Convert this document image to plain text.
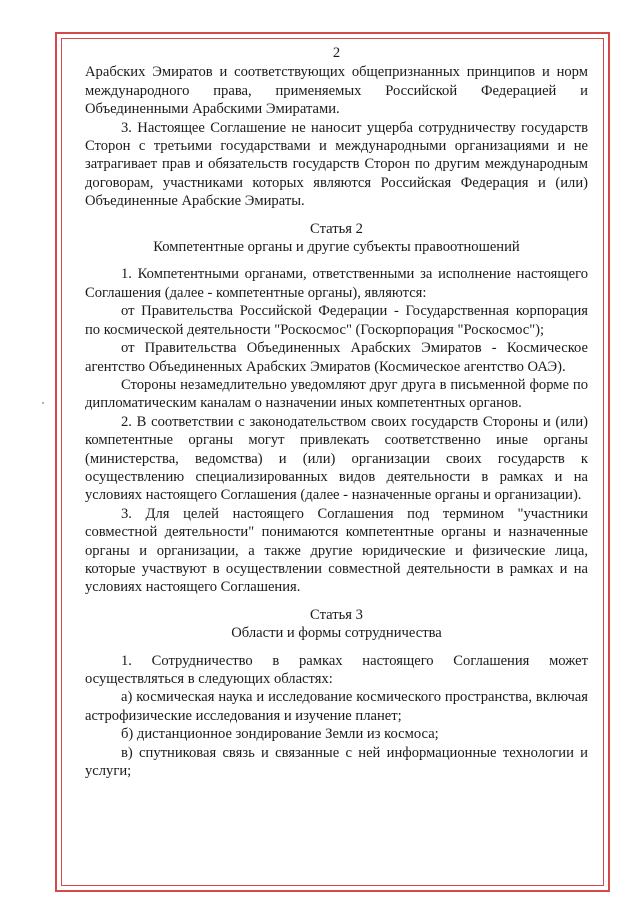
2

Арабских Эмиратов и соответствующих общепризнанных принципов и норм международного права, применяемых Российской Федерацией и Объединенными Арабскими Эмиратами.

3. Настоящее Соглашение не наносит ущерба сотрудничеству государств Сторон с третьими государствами и международными организациями и не затрагивает прав и обязательств государств Сторон по другим международным договорам, участниками которых являются Российская Федерация и (или) Объединенные Арабские Эмираты.

Статья 2

Компетентные органы и другие субъекты правоотношений

1. Компетентными органами, ответственными за исполнение настоящего Соглашения (далее - компетентные органы), являются:

от Правительства Российской Федерации - Государственная корпорация по космической деятельности "Роскосмос" (Госкорпорация "Роскосмос");

от Правительства Объединенных Арабских Эмиратов - Космическое агентство Объединенных Арабских Эмиратов (Космическое агентство ОАЭ).

Стороны незамедлительно уведомляют друг друга в письменной форме по дипломатическим каналам о назначении иных компетентных органов.

2. В соответствии с законодательством своих государств Стороны и (или) компетентные органы могут привлекать соответственно иные органы (министерства, ведомства) и (или) организации своих государств к осуществлению специализированных видов деятельности в рамках и на условиях настоящего Соглашения (далее - назначенные органы и организации).

3. Для целей настоящего Соглашения под термином "участники совместной деятельности" понимаются компетентные органы и назначенные органы и организации, а также другие юридические и физические лица, которые участвуют в осуществлении совместной деятельности в рамках и на условиях настоящего Соглашения.

Статья 3

Области и формы сотрудничества

1. Сотрудничество в рамках настоящего Соглашения может осуществляться в следующих областях:

а) космическая наука и исследование космического пространства, включая астрофизические исследования и изучение планет;

б) дистанционное зондирование Земли из космоса;

в) спутниковая связь и связанные с ней информационные технологии и услуги;
